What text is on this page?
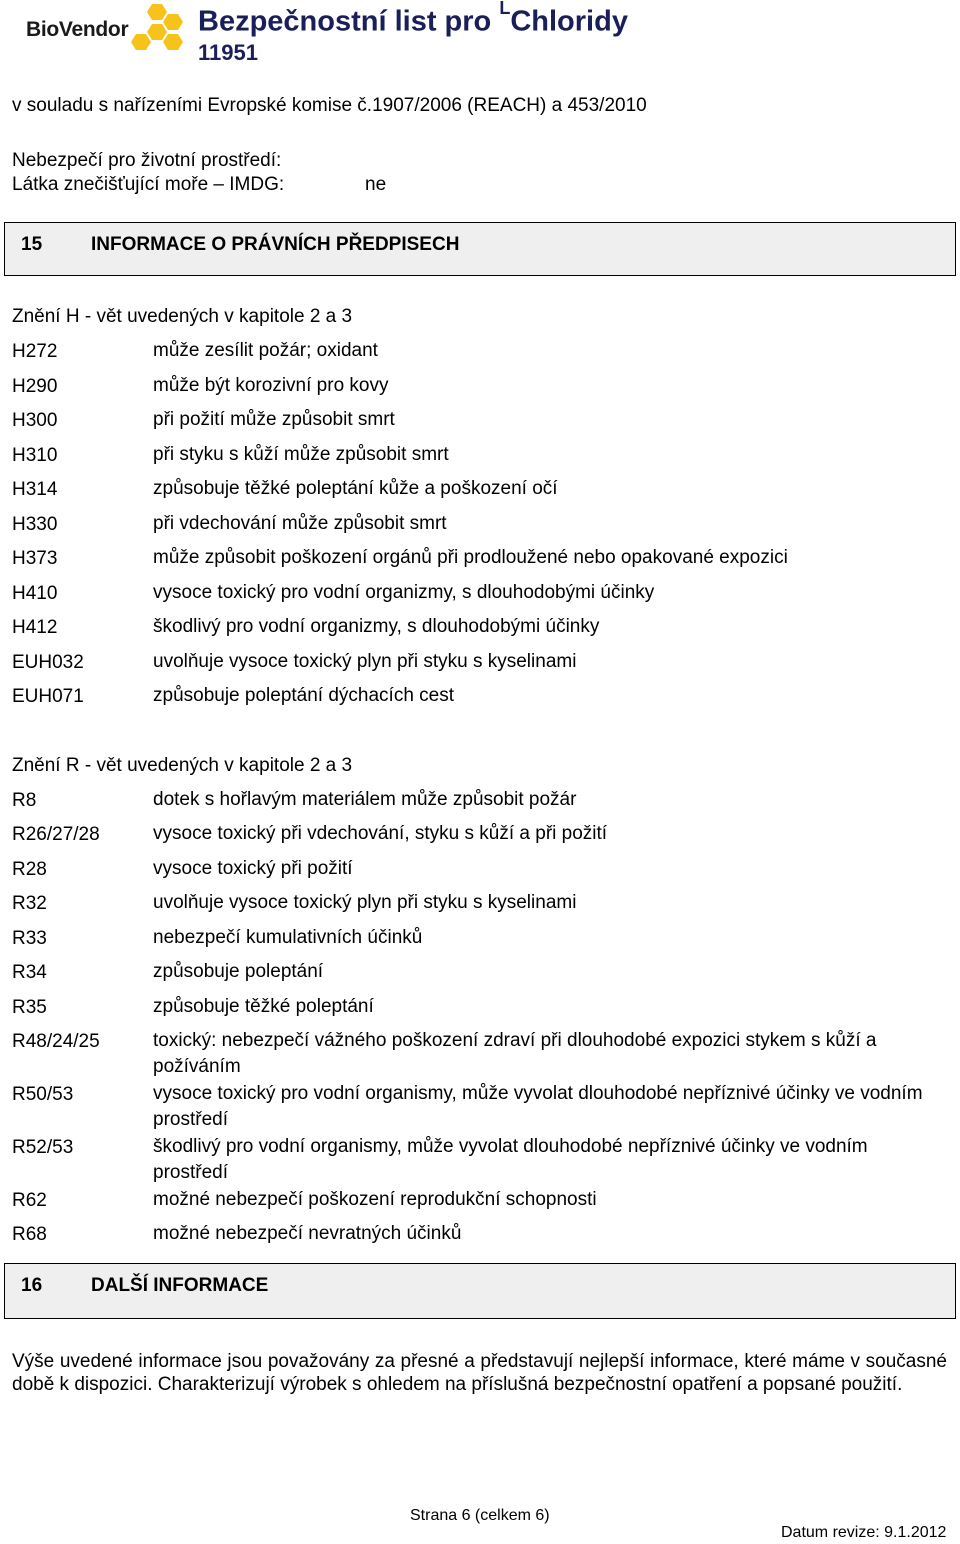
BioVendor Bezpečnostní list pro $^L$Chloridy
11951
v souladu s nařízeními Evropské komise č.1907/2006 (REACH) a 453/2010
Nebezpečí pro životní prostředí:
Látka znečišťující moře – IMDG:	ne
15	INFORMACE O PRÁVNÍCH PŘEDPISECH
Znění H - vět uvedených v kapitole 2 a 3
H272	může zesílit požár; oxidant
H290	může být korozivní pro kovy
H300	při požití může způsobit smrt
H310	při styku s kůží může způsobit smrt
H314	způsobuje těžké poleptání kůže a poškození očí
H330	při vdechování může způsobit smrt
H373	může způsobit poškození orgánů při prodloužené nebo opakované expozici
H410	vysoce toxický pro vodní organizmy, s dlouhodobými účinky
H412	škodlivý pro vodní organizmy, s dlouhodobými účinky
EUH032	uvolňuje vysoce toxický plyn při styku s kyselinami
EUH071	způsobuje poleptání dýchacích cest
Znění R - vět uvedených v kapitole 2 a 3
R8	dotek s hořlavým materiálem může způsobit požár
R26/27/28	vysoce toxický při vdechování, styku s kůží a při požití
R28	vysoce toxický při požití
R32	uvolňuje vysoce toxický plyn při styku s kyselinami
R33	nebezpečí kumulativních účinků
R34	způsobuje poleptání
R35	způsobuje těžké poleptání
R48/24/25	toxický: nebezpečí vážného poškození zdraví při dlouhodobé expozici stykem s kůží a požíváním
R50/53	vysoce toxický pro vodní organismy, může vyvolat dlouhodobé nepříznivé účinky ve vodním prostředí
R52/53	škodlivý pro vodní organismy, může vyvolat dlouhodobé nepříznivé účinky ve vodním prostředí
R62	možné nebezpečí poškození reprodukční schopnosti
R68	možné nebezpečí nevratných účinků
16	DALŠÍ INFORMACE
Výše uvedené informace jsou považovány za přesné a představují nejlepší informace, které máme v současné době k dispozici. Charakterizují výrobek s ohledem na příslušná bezpečnostní opatření a popsané použití.
Strana 6 (celkem 6)
Datum revize: 9.1.2012
